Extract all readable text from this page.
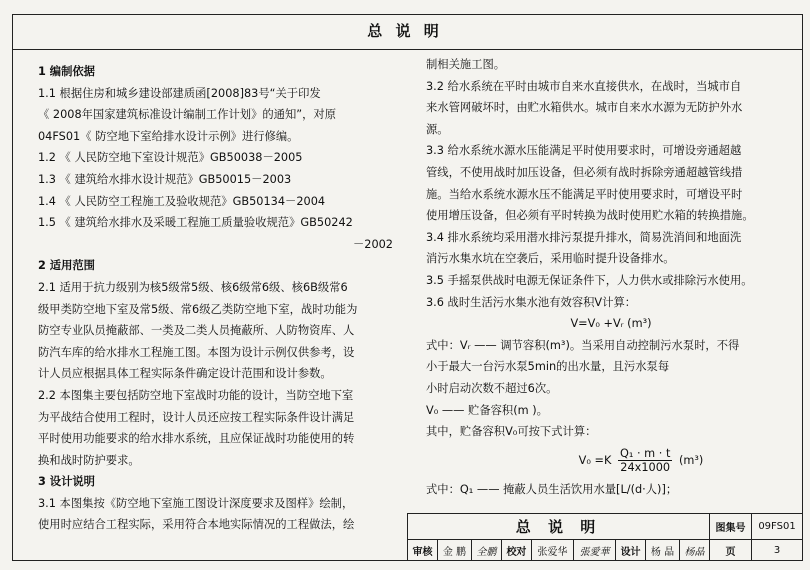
总 说 明
1 编制依据
1.1 根据住房和城乡建设部建质函[2008]83号“关于印发
《 2008年国家建筑标准设计编制工作计划》的通知”，对原
04FS01《 防空地下室给排水设计示例》进行修编。
1.2 《 人民防空地下室设计规范》GB50038－2005
1.3 《 建筑给水排水设计规范》GB50015－2003
1.4 《 人民防空工程施工及验收规范》GB50134－2004
1.5 《 建筑给水排水及采暖工程施工质量验收规范》GB50242
－2002
2 适用范围
2.1 适用于抗力级别为核5级常5级、核6级常6级、核6B级常6
级甲类防空地下室及常5级、常6级乙类防空地下室，战时功能为
防空专业队员掩蔽部、一类及二类人员掩蔽所、人防物资库、人
防汽车库的给水排水工程施工图。本图为设计示例仅供参考，设
计人员应根据具体工程实际条件确定设计范围和设计参数。
2.2 本图集主要包括防空地下室战时功能的设计，当防空地下室
为平战结合使用工程时，设计人员还应按工程实际条件设计满足
平时使用功能要求的给水排水系统，且应保证战时功能使用的转
换和战时防护要求。
3 设计说明
3.1 本图集按《防空地下室施工图设计深度要求及图样》绘制，
使用时应结合工程实际，采用符合本地实际情况的工程做法，绘
制相关施工图。
3.2 给水系统在平时由城市自来水直接供水，在战时，当城市自
来水管网破坏时，由贮水箱供水。城市自来水水源为无防护外水
源。
3.3 给水系统水源水压能满足平时使用要求时，可增设旁通超越
管线，不使用战时加压设备，但必须有战时拆除旁通超越管线措
施。当给水系统水源水压不能满足平时使用要求时，可增设平时
使用增压设备，但必须有平时转换为战时使用贮水箱的转换措施。
3.4 排水系统均采用潜水排污泵提升排水，简易洗消间和地面洗
消污水集水坑在空袭后，采用临时提升设备排水。
3.5 手摇泵供战时电源无保证条件下，人力供水或排除污水使用。
3.6 战时生活污水集水池有效容积V计算：
V=V₀ +Vᵣ (m³)
式中：Vᵣ —— 调节容积(m³)。当采用自动控制污水泵时，不得
小于最大一台污水泵5min的出水量，且污水泵每
小时启动次数不超过6次。
V₀ —— 贮备容积(m )。
其中，贮备容积V₀可按下式计算：
$V_0 =K \frac{\text{Q₁ · m · t}}{24x1000} (m^3)$
式中：Q₁ —— 掩蔽人员生活饮用水量[L/(d·人)]；
总 说 明									图集号	09FS01
审核	金 鹏	全鹏	校对	张爱华	張愛華	设计	杨 晶	杨晶	页	3
